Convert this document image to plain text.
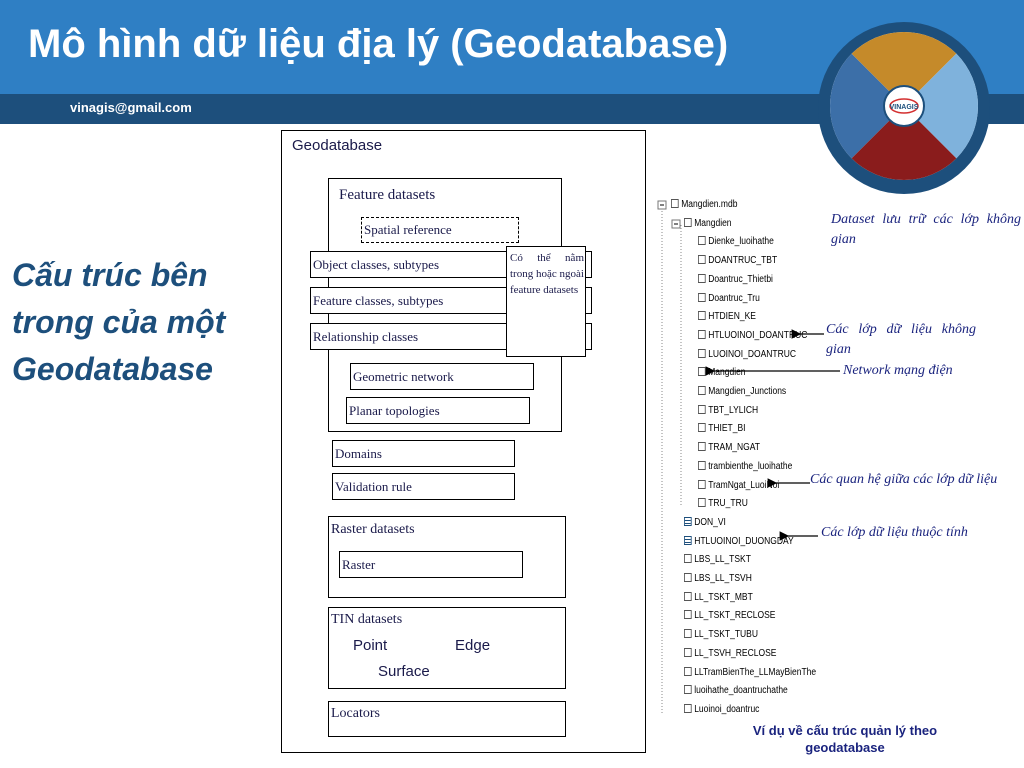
Mô hình dữ liệu địa lý (Geodatabase)
vinagis@gmail.com	VINAGIS
Cấu trúc bên
trong của một
Geodatabase
Geodatabase
Feature datasets
Spatial reference
Object classes, subtypes
Feature classes, subtypes
Relationship classes
Có thể nằm trong hoặc ngoài feature datasets
Geometric network
Planar topologies
Domains
Validation rule
Raster datasets
Raster
TIN datasets
Point	Edge
Surface
Locators
Mangdien.mdb
Mangdien
Dienke_luoihathe
DOANTRUC_TBT
Doantruc_Thietbi
Doantruc_Tru
HTDIEN_KE
HTLUOINOI_DOANTRUC
LUOINOI_DOANTRUC
Mangdien
Mangdien_Junctions
TBT_LYLICH
THIET_BI
TRAM_NGAT
trambienthe_luoihathe
TramNgat_LuoiNoi
TRU_TRU
DON_VI
HTLUOINOI_DUONGDAY
LBS_LL_TSKT
LBS_LL_TSVH
LL_TSKT_MBT
LL_TSKT_RECLOSE
LL_TSKT_TUBU
LL_TSVH_RECLOSE
LLTramBienThe_LLMayBienThe
luoihathe_doantruchathe
Luoinoi_doantruc
Dataset lưu trữ các lớp không gian
Các lớp dữ liệu không gian
Network mạng điện
Các quan hệ giữa các lớp dữ liệu
Các lớp dữ liệu thuộc tính
Ví dụ về cấu trúc quản lý theo geodatabase
